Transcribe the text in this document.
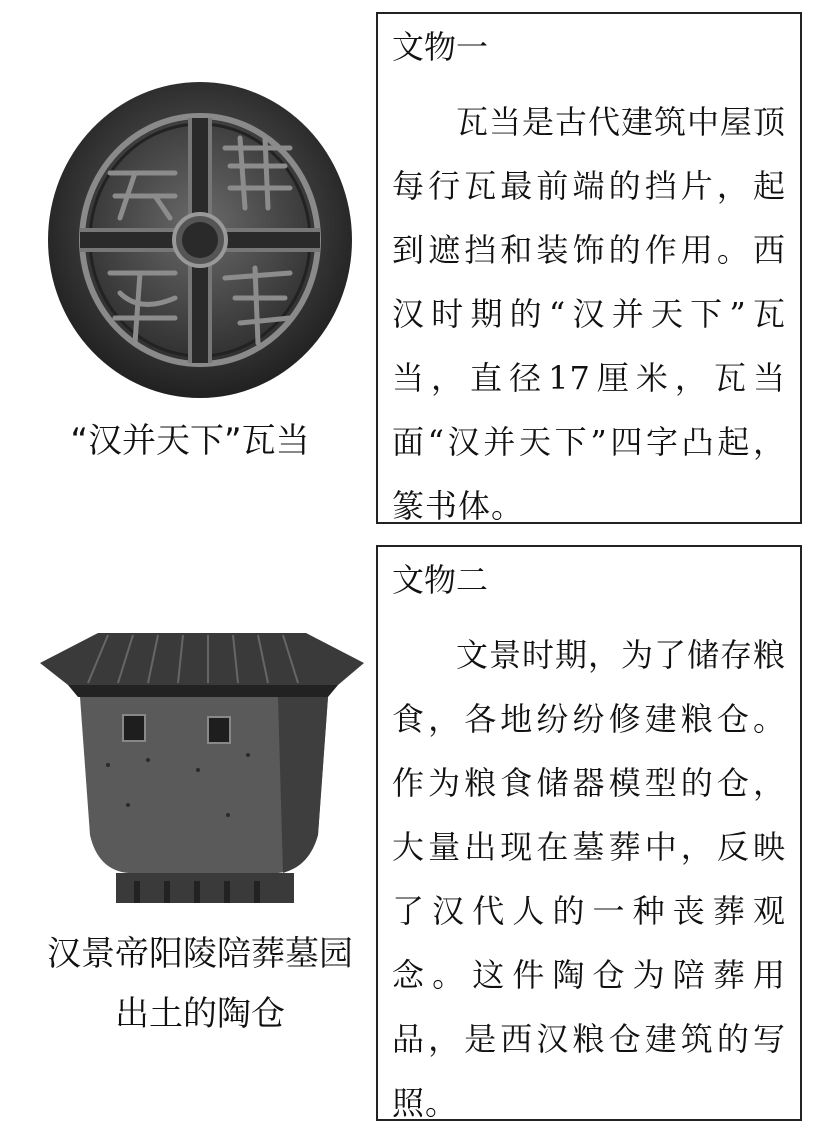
“汉并天下”瓦当
文物一
瓦当是古代建筑中屋顶每行瓦最前端的挡片，起到遮挡和装饰的作用。西汉时期的“汉并天下”瓦当，直径17厘米，瓦当面“汉并天下”四字凸起，篆书体。
汉景帝阳陵陪葬墓园
出土的陶仓
文物二
文景时期，为了储存粮食，各地纷纷修建粮仓。作为粮食储器模型的仓，大量出现在墓葬中，反映了汉代人的一种丧葬观念。这件陶仓为陪葬用品，是西汉粮仓建筑的写照。
